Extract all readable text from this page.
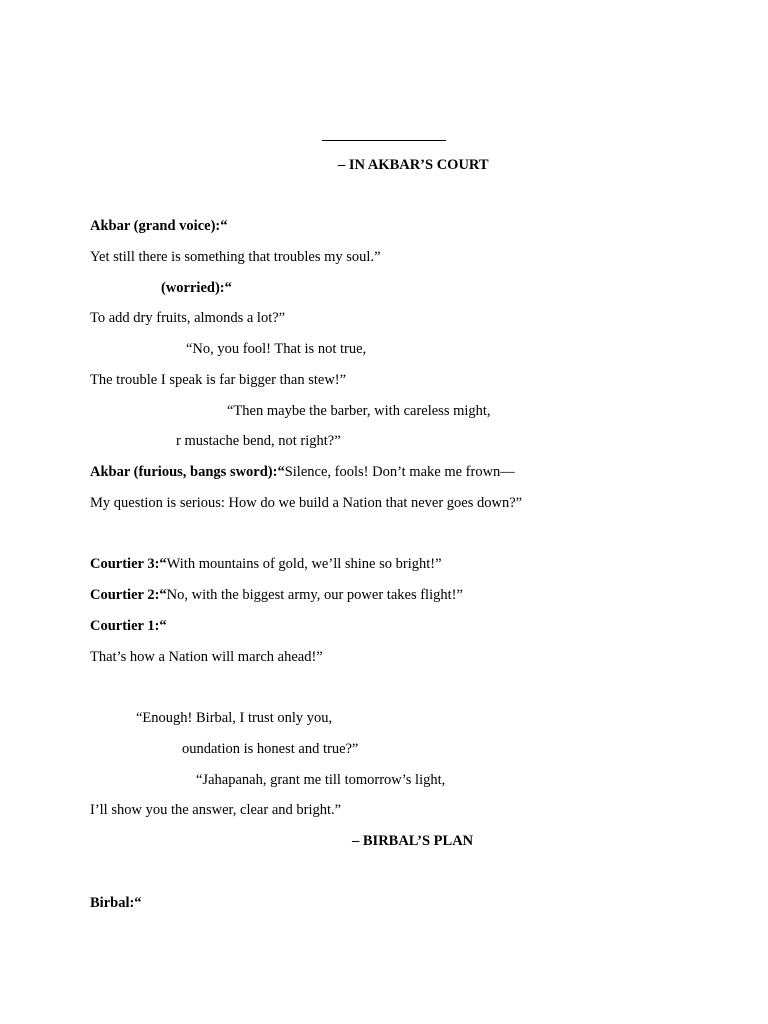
– IN AKBAR’S COURT
Akbar (grand voice):“
Yet still there is something that troubles my soul.”
(worried):“
To add dry fruits, almonds a lot?”
“No, you fool! That is not true,
The trouble I speak is far bigger than stew!”
“Then maybe the barber, with careless might,
r mustache bend, not right?”
Akbar (furious, bangs sword):“Silence, fools! Don’t make me frown—
My question is serious: How do we build a Nation that never goes down?”
Courtier 3:“With mountains of gold, we’ll shine so bright!”
Courtier 2:“No, with the biggest army, our power takes flight!”
Courtier 1:“
That’s how a Nation will march ahead!”
“Enough! Birbal, I trust only you,
oundation is honest and true?”
“Jahapanah, grant me till tomorrow’s light,
I’ll show you the answer, clear and bright.”
– BIRBAL’S PLAN
Birbal:“
